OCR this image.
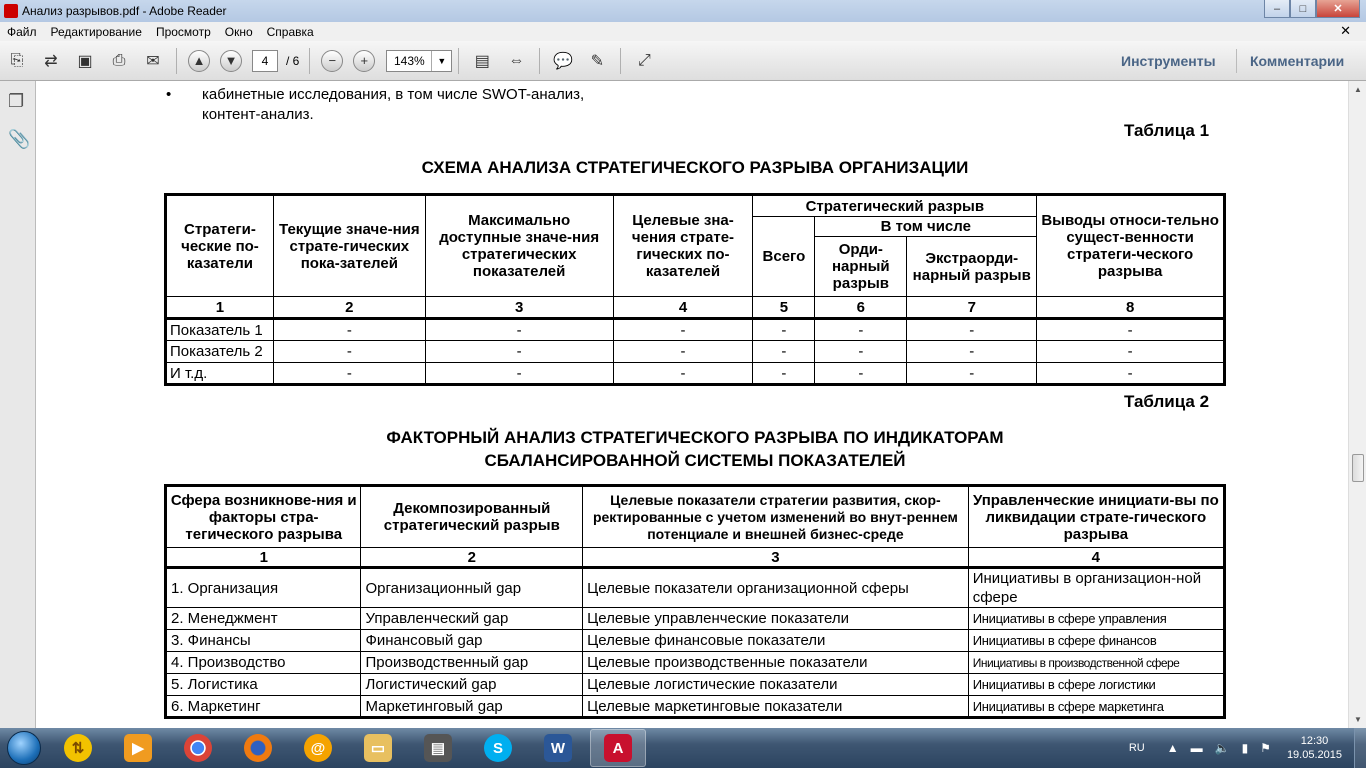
Анализ разрывов.pdf - Adobe Reader	–	□	✕
Файл	Редактирование	Просмотр	Окно	Справка	✕
⎘	⇄	▣	⎙	✉	▲	▼	4	/ 6	−	+	143%	▼	▤ ⇔ 💬	✎	⤢	Инструменты Комментарии
❐
📎
• кабинетные исследования, в том числе SWOT-анализ,
контент-анализ.
Таблица 1
СХЕМА АНАЛИЗА СТРАТЕГИЧЕСКОГО РАЗРЫВА ОРГАНИЗАЦИИ
Стратеги-ческие по-казатели	Текущие значе-ния страте-гических пока-зателей	Максимально доступные значе-ния стратегических показателей	Целевые зна-чения страте-гических по-казателей	Стратегический разрыв			Выводы относи-тельно сущест-венности стратеги-ческого разрыва
				Всего	В том числе		
					Орди-нарный разрыв	Экстраорди-нарный разрыв	
1	2	3	4	5	6	7	8
Показатель 1	-	-	-	-	-	-	-
Показатель 2	-	-	-	-	-	-	-
И т.д.	-	-	-	-	-	-	-
Таблица 2
ФАКТОРНЫЙ АНАЛИЗ СТРАТЕГИЧЕСКОГО РАЗРЫВА ПО ИНДИКАТОРАМ
СБАЛАНСИРОВАННОЙ СИСТЕМЫ ПОКАЗАТЕЛЕЙ
Сфера возникнове-ния и факторы стра-тегического разрыва	Декомпозированный стратегический разрыв	Целевые показатели стратегии развития, скор-ректированные с учетом изменений во внут-реннем потенциале и внешней бизнес-среде	Управленческие инициати-вы по ликвидации страте-гического разрыва
1	2	3	4
1. Организация	Организационный gap	Целевые показатели организационной сферы	Инициативы в организацион-ной сфере
2. Менеджмент	Управленческий gap	Целевые управленческие показатели	Инициативы в сфере управления
3. Финансы	Финансовый gap	Целевые финансовые показатели	Инициативы в сфере финансов
4. Производство	Производственный gap	Целевые производственные показатели	Инициативы в производственной сфере
5. Логистика	Логистический gap	Целевые логистические показатели	Инициативы в сфере логистики
6. Маркетинг	Маркетинговый gap	Целевые маркетинговые показатели	Инициативы в сфере маркетинга
▲
▼
⇅	▶	@	▭	▤	S	W	A	RU ▲ ▬ 🔈 ▮ ⚑	12:30
19.05.2015
